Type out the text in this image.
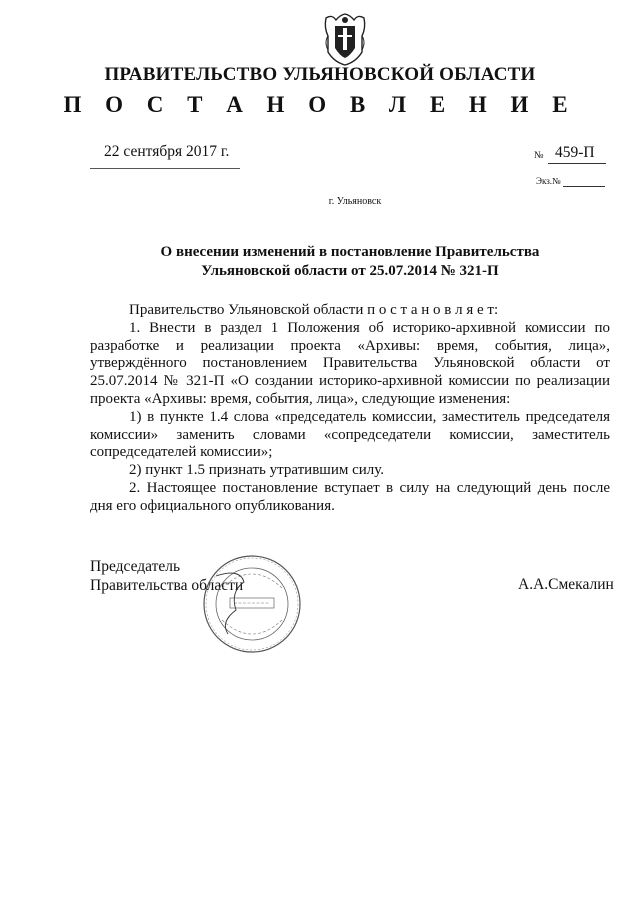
ПРАВИТЕЛЬСТВО УЛЬЯНОВСКОЙ ОБЛАСТИ
П О С Т А Н О В Л Е Н И Е
22 сентября 2017 г.	№ 459-П
Экз.№
г. Ульяновск
О внесении изменений в постановление Правительства
Ульяновской области от 25.07.2014 № 321-П

Правительство Ульяновской области п о с т а н о в л я е т:

1. Внести в раздел 1 Положения об историко-архивной комиссии по разработке и реализации проекта «Архивы: время, события, лица», утверждённого постановлением Правительства Ульяновской области от 25.07.2014 № 321-П «О создании историко-архивной комиссии по реализации проекта «Архивы: время, события, лица», следующие изменения:

1) в пункте 1.4 слова «председатель комиссии, заместитель председателя комиссии» заменить словами «сопредседатели комиссии, заместитель сопредседателей комиссии»;

2) пункт 1.5 признать утратившим силу.

2. Настоящее постановление вступает в силу на следующий день после дня его официального опубликования.

Председатель
Правительства области	А.А.Смекалин
